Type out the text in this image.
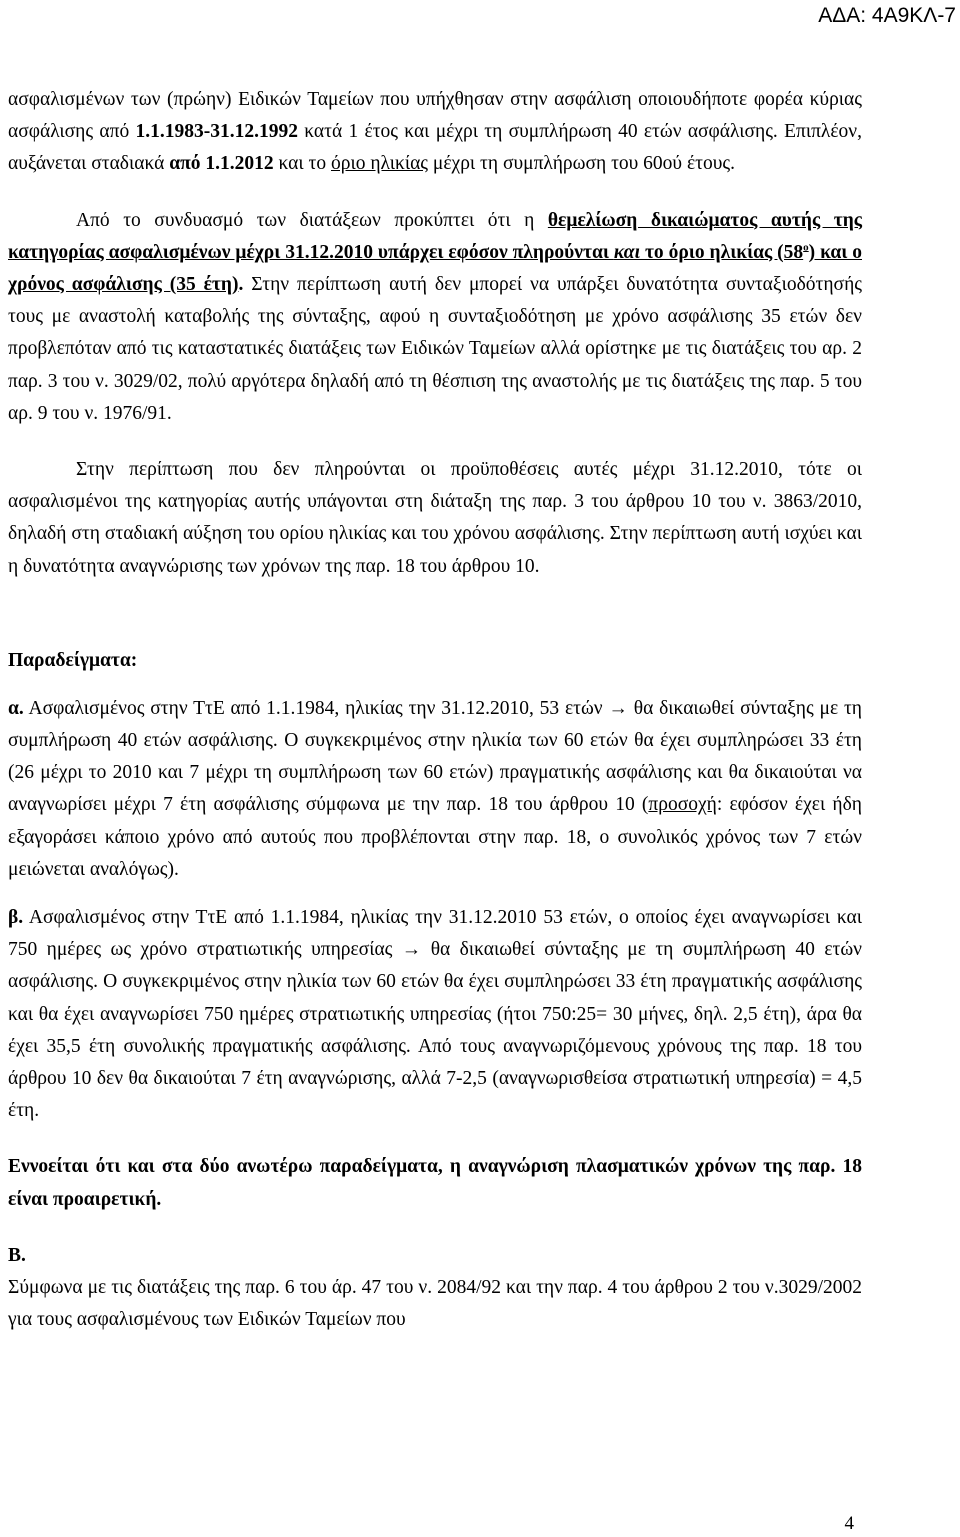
ΑΔΑ: 4Α9ΚΛ-7

ασφαλισμένων των (πρώην) Ειδικών Ταμείων που υπήχθησαν στην ασφάλιση οποιουδήποτε φορέα κύριας ασφάλισης από 1.1.1983-31.12.1992 κατά 1 έτος και μέχρι τη συμπλήρωση 40 ετών ασφάλισης. Επιπλέον, αυξάνεται σταδιακά από 1.1.2012 και το όριο ηλικίας μέχρι τη συμπλήρωση του 60ού έτους.

Από το συνδυασμό των διατάξεων προκύπτει ότι η θεμελίωση δικαιώματος αυτής της κατηγορίας ασφαλισμένων μέχρι 31.12.2010 υπάρχει εφόσον πληρούνται και το όριο ηλικίας $(58^o)$ και ο χρόνος ασφάλισης (35 έτη). Στην περίπτωση αυτή δεν μπορεί να υπάρξει δυνατότητα συνταξιοδότησής τους με αναστολή καταβολής της σύνταξης, αφού η συνταξιοδότηση με χρόνο ασφάλισης 35 ετών δεν προβλεπόταν από τις καταστατικές διατάξεις των Ειδικών Ταμείων αλλά ορίστηκε με τις διατάξεις του αρ. 2 παρ. 3 του ν. 3029/02, πολύ αργότερα δηλαδή από τη θέσπιση της αναστολής με τις διατάξεις της παρ. 5 του αρ. 9 του ν. 1976/91.

Στην περίπτωση που δεν πληρούνται οι προϋποθέσεις αυτές μέχρι 31.12.2010, τότε οι ασφαλισμένοι της κατηγορίας αυτής υπάγονται στη διάταξη της παρ. 3 του άρθρου 10 του ν. 3863/2010, δηλαδή στη σταδιακή αύξηση του ορίου ηλικίας και του χρόνου ασφάλισης. Στην περίπτωση αυτή ισχύει και η δυνατότητα αναγνώρισης των χρόνων της παρ. 18 του άρθρου 10.

Παραδείγματα:

α. Ασφαλισμένος στην ΤτΕ από 1.1.1984, ηλικίας την 31.12.2010, 53 ετών → θα δικαιωθεί σύνταξης με τη συμπλήρωση 40 ετών ασφάλισης. Ο συγκεκριμένος στην ηλικία των 60 ετών θα έχει συμπληρώσει 33 έτη (26 μέχρι το 2010 και 7 μέχρι τη συμπλήρωση των 60 ετών) πραγματικής ασφάλισης και θα δικαιούται να αναγνωρίσει μέχρι 7 έτη ασφάλισης σύμφωνα με την παρ. 18 του άρθρου 10 (προσοχή: εφόσον έχει ήδη εξαγοράσει κάποιο χρόνο από αυτούς που προβλέπονται στην παρ. 18, ο συνολικός χρόνος των 7 ετών μειώνεται αναλόγως).

β. Ασφαλισμένος στην ΤτΕ από 1.1.1984, ηλικίας την 31.12.2010 53 ετών, ο οποίος έχει αναγνωρίσει και 750 ημέρες ως χρόνο στρατιωτικής υπηρεσίας → θα δικαιωθεί σύνταξης με τη συμπλήρωση 40 ετών ασφάλισης. Ο συγκεκριμένος στην ηλικία των 60 ετών θα έχει συμπληρώσει 33 έτη πραγματικής ασφάλισης και θα έχει αναγνωρίσει 750 ημέρες στρατιωτικής υπηρεσίας (ήτοι 750:25= 30 μήνες, δηλ. 2,5 έτη), άρα θα έχει 35,5 έτη συνολικής πραγματικής ασφάλισης. Από τους αναγνωριζόμενους χρόνους της παρ. 18 του άρθρου 10 δεν θα δικαιούται 7 έτη αναγνώρισης, αλλά 7-2,5 (αναγνωρισθείσα στρατιωτική υπηρεσία) = 4,5 έτη.

Εννοείται ότι και στα δύο ανωτέρω παραδείγματα, η αναγνώριση πλασματικών χρόνων της παρ. 18 είναι προαιρετική.

Β.

Σύμφωνα με τις διατάξεις της παρ. 6 του άρ. 47 του ν. 2084/92 και την παρ. 4 του άρθρου 2 του ν.3029/2002 για τους ασφαλισμένους των Ειδικών Ταμείων που

4
